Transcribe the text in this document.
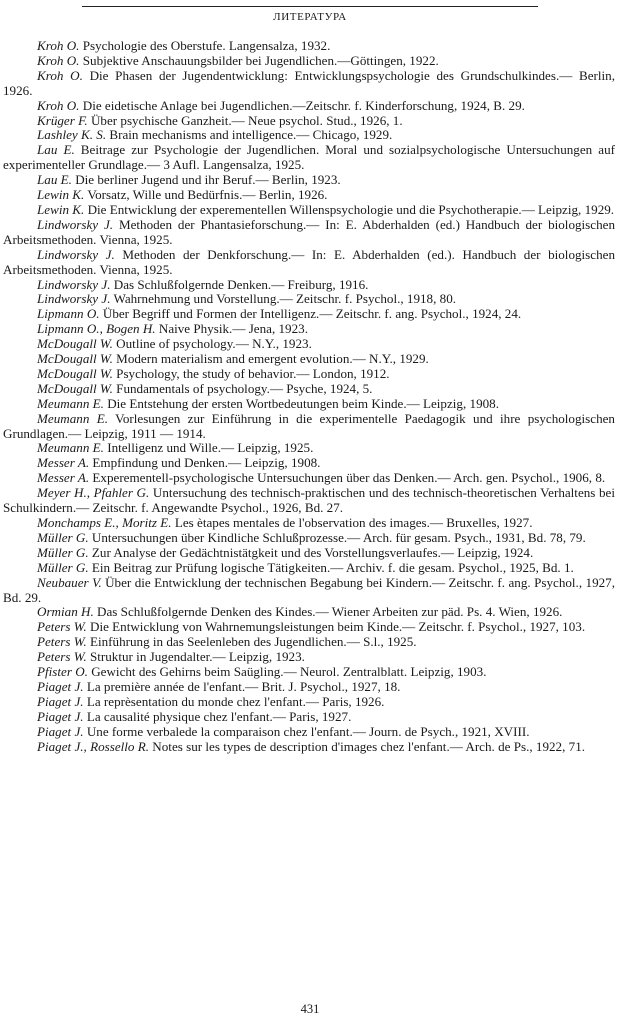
ЛИТЕРАТУРА
Kroh O. Psychologie des Oberstufe. Langensalza, 1932.
Kroh O. Subjektive Anschauungsbilder bei Jugendlichen.—Göttingen, 1922.
Kroh O. Die Phasen der Jugendentwicklung: Entwicklungspsychologie des Grundschulkindes.— Berlin, 1926.
Kroh O. Die eidetische Anlage bei Jugendlichen.—Zeitschr. f. Kinderforschung, 1924, B. 29.
Krüger F. Über psychische Ganzheit.— Neue psychol. Stud., 1926, 1.
Lashley K. S. Brain mechanisms and intelligence.— Chicago, 1929.
Lau E. Beitrage zur Psychologie der Jugendlichen. Moral und sozialpsychologische Untersuchungen auf experimenteller Grundlage.— 3 Aufl. Langensalza, 1925.
Lau E. Die berliner Jugend und ihr Beruf.— Berlin, 1923.
Lewin K. Vorsatz, Wille und Bedürfnis.— Berlin, 1926.
Lewin K. Die Entwicklung der experementellen Willenspsychologie und die Psychotherapie.— Leipzig, 1929.
Lindworsky J. Methoden der Phantasieforschung.— In: E. Abderhalden (ed.) Handbuch der biologischen Arbeitsmethoden. Vienna, 1925.
Lindworsky J. Methoden der Denkforschung.— In: E. Abderhalden (ed.). Handbuch der biologischen Arbeitsmethoden. Vienna, 1925.
Lindworsky J. Das Schlußfolgernde Denken.— Freiburg, 1916.
Lindworsky J. Wahrnehmung und Vorstellung.— Zeitschr. f. Psychol., 1918, 80.
Lipmann O. Über Begriff und Formen der Intelligenz.— Zeitschr. f. ang. Psychol., 1924, 24.
Lipmann O., Bogen H. Naive Physik.— Jena, 1923.
McDougall W. Outline of psychology.— N.Y., 1923.
McDougall W. Modern materialism and emergent evolution.— N.Y., 1929.
McDougall W. Psychology, the study of behavior.— London, 1912.
McDougall W. Fundamentals of psychology.— Psyche, 1924, 5.
Meumann E. Die Entstehung der ersten Wortbedeutungen beim Kinde.— Leipzig, 1908.
Meumann E. Vorlesungen zur Einführung in die experimentelle Paedagogik und ihre psychologischen Grundlagen.— Leipzig, 1911 — 1914.
Meumann E. Intelligenz und Wille.— Leipzig, 1925.
Messer A. Empfindung und Denken.— Leipzig, 1908.
Messer A. Experementell-psychologische Untersuchungen über das Denken.— Arch. gen. Psychol., 1906, 8.
Meyer H., Pfahler G. Untersuchung des technisch-praktischen und des technisch-theoretischen Verhaltens bei Schulkindern.— Zeitschr. f. Angewandte Psychol., 1926, Bd. 27.
Monchamps E., Moritz E. Les ètapes mentales de l'observation des images.— Bruxelles, 1927.
Müller G. Untersuchungen über Kindliche Schlußprozesse.— Arch. für gesam. Psych., 1931, Bd. 78, 79.
Müller G. Zur Analyse der Gedächtnistätgkeit und des Vorstellungsverlaufes.— Leipzig, 1924.
Müller G. Ein Beitrag zur Prüfung logische Tätigkeiten.— Archiv. f. die gesam. Psychol., 1925, Bd. 1.
Neubauer V. Über die Entwicklung der technischen Begabung bei Kindern.— Zeitschr. f. ang. Psychol., 1927, Bd. 29.
Ormian H. Das Schlußfolgernde Denken des Kindes.— Wiener Arbeiten zur päd. Ps. 4. Wien, 1926.
Peters W. Die Entwicklung von Wahrnemungsleistungen beim Kinde.— Zeitschr. f. Psychol., 1927, 103.
Peters W. Einführung in das Seelenleben des Jugendlichen.— S.l., 1925.
Peters W. Struktur in Jugendalter.— Leipzig, 1923.
Pfister O. Gewicht des Gehirns beim Saügling.— Neurol. Zentralblatt. Leipzig, 1903.
Piaget J. La première année de l'enfant.— Brit. J. Psychol., 1927, 18.
Piaget J. La reprèsentation du monde chez l'enfant.— Paris, 1926.
Piaget J. La causalité physique chez l'enfant.— Paris, 1927.
Piaget J. Une forme verbalede la comparaison chez l'enfant.— Journ. de Psych., 1921, XVIII.
Piaget J., Rossello R. Notes sur les types de description d'images chez l'enfant.— Arch. de Ps., 1922, 71.
431
